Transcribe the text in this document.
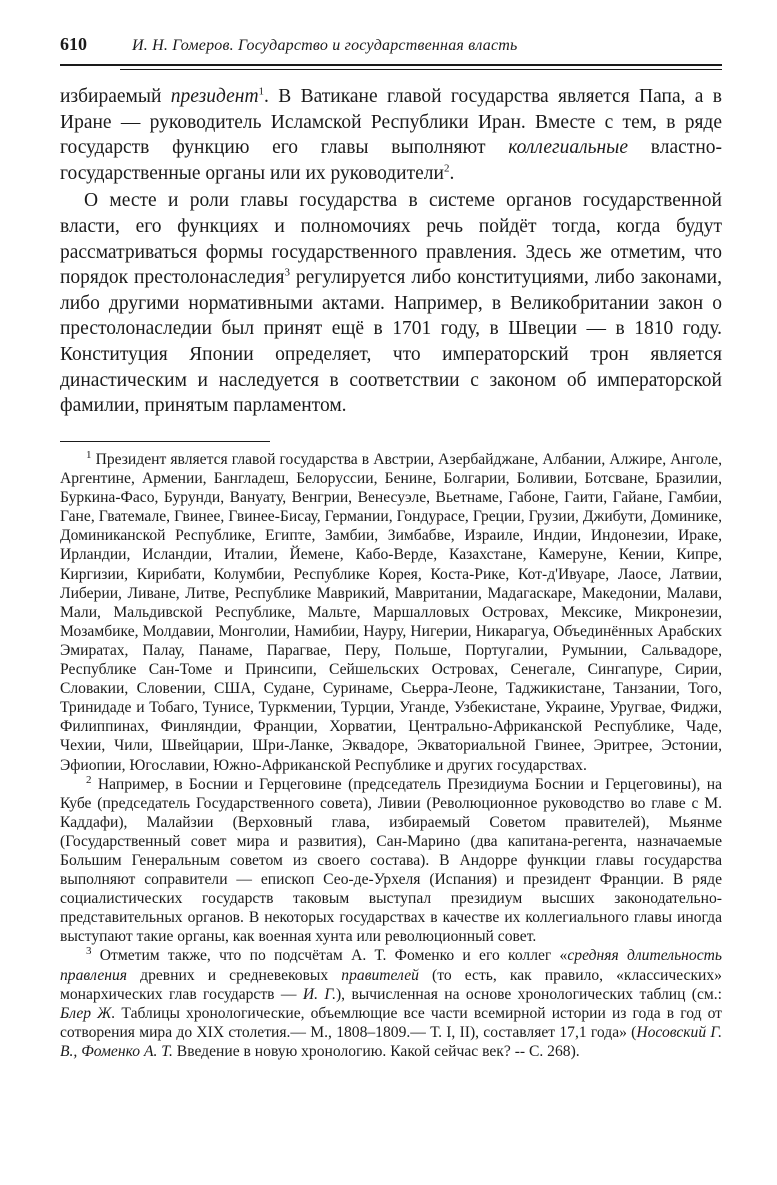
610	И. Н. Гомеров. Государство и государственная власть

избираемый президент$^1$. В Ватикане главой государства является Папа, а в Иране — руководитель Исламской Республики Иран. Вместе с тем, в ряде государств функцию его главы выполняют коллегиальные властно-государственные органы или их руководители$^2$.

О месте и роли главы государства в системе органов государственной власти, его функциях и полномочиях речь пойдёт тогда, когда будут рассматриваться формы государственного правления. Здесь же отметим, что порядок престолонаследия$^3$ регулируется либо конституциями, либо законами, либо другими нормативными актами. Например, в Великобритании закон о престолонаследии был принят ещё в 1701 году, в Швеции — в 1810 году. Конституция Японии определяет, что императорский трон является династическим и наследуется в соответствии с законом об императорской фамилии, принятым парламентом.

$^1$ Президент является главой государства в Австрии, Азербайджане, Албании, Алжире, Анголе, Аргентине, Армении, Бангладеш, Белоруссии, Бенине, Болгарии, Боливии, Ботсване, Бразилии, Буркина-Фасо, Бурунди, Вануату, Венгрии, Венесуэле, Вьетнаме, Габоне, Гаити, Гайане, Гамбии, Гане, Гватемале, Гвинее, Гвинее-Бисау, Германии, Гондурасе, Греции, Грузии, Джибути, Доминике, Доминиканской Республике, Египте, Замбии, Зимбабве, Израиле, Индии, Индонезии, Ираке, Ирландии, Исландии, Италии, Йемене, Кабо-Верде, Казахстане, Камеруне, Кении, Кипре, Киргизии, Кирибати, Колумбии, Республике Корея, Коста-Рике, Кот-д'Ивуаре, Лаосе, Латвии, Либерии, Ливане, Литве, Республике Маврикий, Мавритании, Мадагаскаре, Македонии, Малави, Мали, Мальдивской Республике, Мальте, Маршалловых Островах, Мексике, Микронезии, Мозамбике, Молдавии, Монголии, Намибии, Науру, Нигерии, Никарагуа, Объединённых Арабских Эмиратах, Палау, Панаме, Парагвае, Перу, Польше, Португалии, Румынии, Сальвадоре, Республике Сан-Томе и Принсипи, Сейшельских Островах, Сенегале, Сингапуре, Сирии, Словакии, Словении, США, Судане, Суринаме, Сьерра-Леоне, Таджикистане, Танзании, Того, Тринидаде и Тобаго, Тунисе, Туркмении, Турции, Уганде, Узбекистане, Украине, Уругвае, Фиджи, Филиппинах, Финляндии, Франции, Хорватии, Центрально-Африканской Республике, Чаде, Чехии, Чили, Швейцарии, Шри-Ланке, Эквадоре, Экваториальной Гвинее, Эритрее, Эстонии, Эфиопии, Югославии, Южно-Африканской Республике и других государствах.

$^2$ Например, в Боснии и Герцеговине (председатель Президиума Боснии и Герцеговины), на Кубе (председатель Государственного совета), Ливии (Революционное руководство во главе с М. Каддафи), Малайзии (Верховный глава, избираемый Советом правителей), Мьянме (Государственный совет мира и развития), Сан-Марино (два капитана-регента, назначаемые Большим Генеральным советом из своего состава). В Андорре функции главы государства выполняют соправители — епископ Сео-де-Урхеля (Испания) и президент Франции. В ряде социалистических государств таковым выступал президиум высших законодательно-представительных органов. В некоторых государствах в качестве их коллегиального главы иногда выступают такие органы, как военная хунта или революционный совет.

$^3$ Отметим также, что по подсчётам А. Т. Фоменко и его коллег «средняя длительность правления древних и средневековых правителей (то есть, как правило, «классических» монархических глав государств — И. Г.), вычисленная на основе хронологических таблиц (см.: Блер Ж. Таблицы хронологические, объемлющие все части всемирной истории из года в год от сотворения мира до XIX столетия.— М., 1808–1809.— Т. I, II), составляет 17,1 года» (Носовский Г. В., Фоменко А. Т. Введение в новую хронологию. Какой сейчас век? -- С. 268).
